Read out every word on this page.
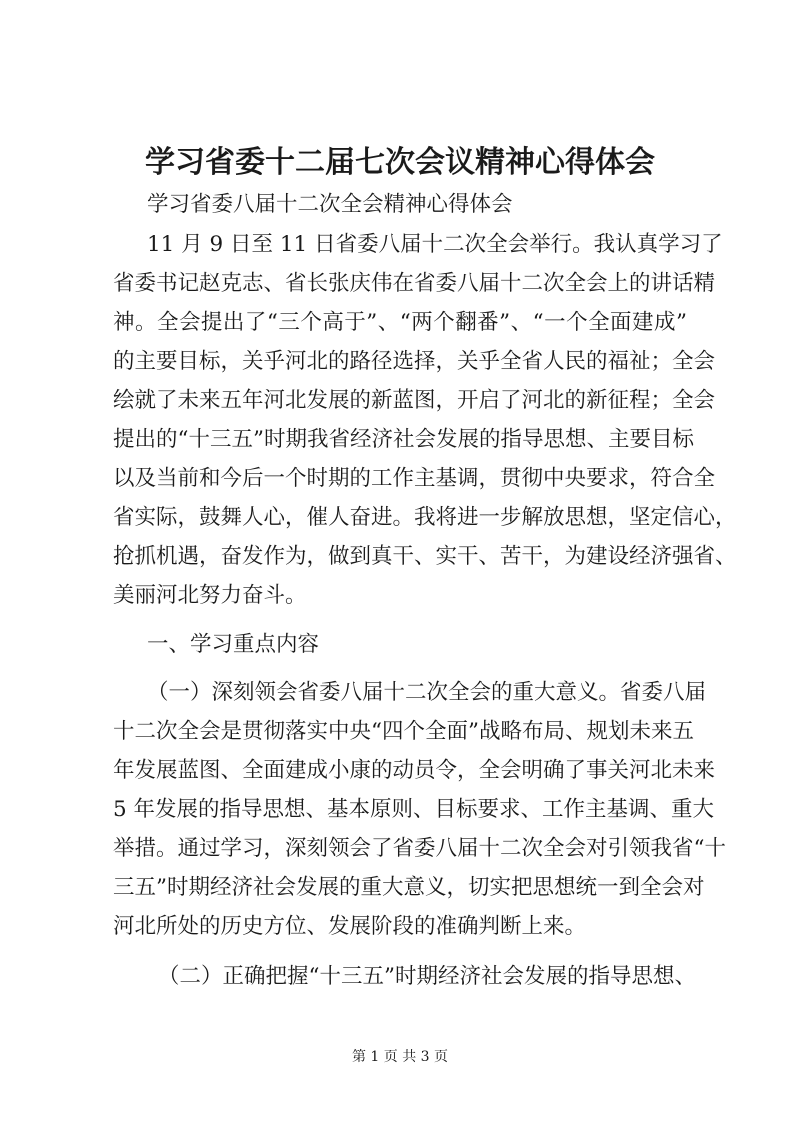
学习省委十二届七次会议精神心得体会
学习省委八届十二次全会精神心得体会
11 月 9 日至 11 日省委八届十二次全会举行。我认真学习了
省委书记赵克志、省长张庆伟在省委八届十二次全会上的讲话精
神。全会提出了“三个高于”、“两个翻番”、“一个全面建成”
的主要目标，关乎河北的路径选择，关乎全省人民的福祉；全会
绘就了未来五年河北发展的新蓝图，开启了河北的新征程；全会
提出的“十三五”时期我省经济社会发展的指导思想、主要目标
以及当前和今后一个时期的工作主基调，贯彻中央要求，符合全
省实际，鼓舞人心，催人奋进。我将进一步解放思想，坚定信心，
抢抓机遇，奋发作为，做到真干、实干、苦干，为建设经济强省、
美丽河北努力奋斗。
一、学习重点内容
（一）深刻领会省委八届十二次全会的重大意义。省委八届
十二次全会是贯彻落实中央“四个全面”战略布局、规划未来五
年发展蓝图、全面建成小康的动员令，全会明确了事关河北未来
5 年发展的指导思想、基本原则、目标要求、工作主基调、重大
举措。通过学习，深刻领会了省委八届十二次全会对引领我省“十
三五”时期经济社会发展的重大意义，切实把思想统一到全会对
河北所处的历史方位、发展阶段的准确判断上来。
（二）正确把握“十三五”时期经济社会发展的指导思想、
第 1 页 共 3 页
